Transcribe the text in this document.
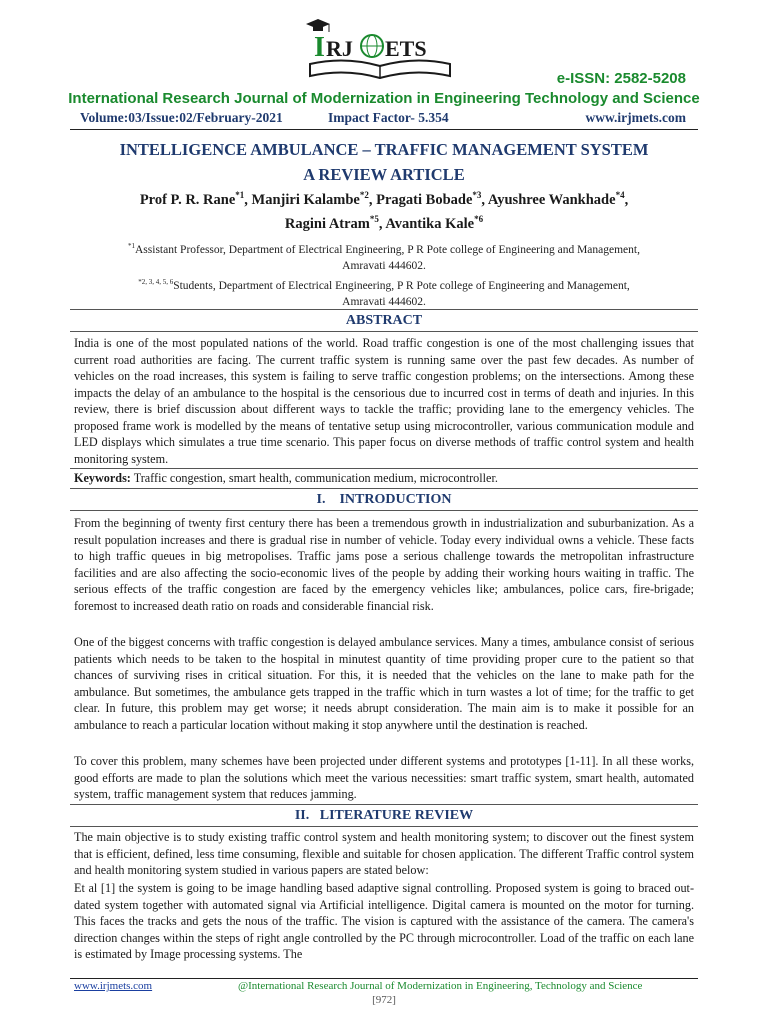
I RJ ETS
e-ISSN: 2582-5208
International Research Journal of Modernization in Engineering Technology and Science
Volume:03/Issue:02/February-2021	Impact Factor- 5.354	www.irjmets.com
INTELLIGENCE AMBULANCE – TRAFFIC MANAGEMENT SYSTEM
A REVIEW ARTICLE
Prof P. R. Rane$^{*1}$, Manjiri Kalambe$^{*2}$, Pragati Bobade$^{*3}$, Ayushree Wankhade$^{*4}$,
Ragini Atram$^{*5}$, Avantika Kale$^{*6}$
$^{*1}$Assistant Professor, Department of Electrical Engineering, P R Pote college of Engineering and Management,
Amravati 444602.
$^{*2, 3, 4, 5, 6}$Students, Department of Electrical Engineering, P R Pote college of Engineering and Management,
Amravati 444602.
ABSTRACT
India is one of the most populated nations of the world. Road traffic congestion is one of the most challenging issues that current road authorities are facing. The current traffic system is running same over the past few decades. As number of vehicles on the road increases, this system is failing to serve traffic congestion problems; on the intersections. Among these impacts the delay of an ambulance to the hospital is the censorious due to incurred cost in terms of death and injuries. In this review, there is brief discussion about different ways to tackle the traffic; providing lane to the emergency vehicles. The proposed frame work is modelled by the means of tentative setup using microcontroller, various communication module and LED displays which simulates a true time scenario. This paper focus on diverse methods of traffic control system and health monitoring system.
Keywords: Traffic congestion, smart health, communication medium, microcontroller.
I.    INTRODUCTION
From the beginning of twenty first century there has been a tremendous growth in industrialization and suburbanization. As a result population increases and there is gradual rise in number of vehicle. Today every individual owns a vehicle. These facts to high traffic queues in big metropolises. Traffic jams pose a serious challenge towards the metropolitan infrastructure facilities and are also affecting the socio-economic lives of the people by adding their working hours waiting in traffic. The serious effects of the traffic congestion are faced by the emergency vehicles like; ambulances, police cars, fire-brigade; foremost to increased death ratio on roads and considerable financial risk.
One of the biggest concerns with traffic congestion is delayed ambulance services. Many a times, ambulance consist of serious patients which needs to be taken to the hospital in minutest quantity of time providing proper cure to the patient so that chances of surviving rises in critical situation. For this, it is needed that the vehicles on the lane to make path for the ambulance. But sometimes, the ambulance gets trapped in the traffic which in turn wastes a lot of time; for the traffic to get clear. In future, this problem may get worse; it needs abrupt consideration. The main aim is to make it possible for an ambulance to reach a particular location without making it stop anywhere until the destination is reached.
To cover this problem, many schemes have been projected under different systems and prototypes [1-11]. In all these works, good efforts are made to plan the solutions which meet the various necessities: smart traffic system, smart health, automated system, traffic management system that reduces jamming.
II.   LITERATURE REVIEW
The main objective is to study existing traffic control system and health monitoring system; to discover out the finest system that is efficient, defined, less time consuming, flexible and suitable for chosen application. The different Traffic control system and health monitoring system studied in various papers are stated below:
Et al [1] the system is going to be image handling based adaptive signal controlling. Proposed system is going to braced out-dated system together with automated signal via Artificial intelligence. Digital camera is mounted on the motor for turning. This faces the tracks and gets the nous of the traffic. The vision is captured with the assistance of the camera. The camera's direction changes within the steps of right angle controlled by the PC through microcontroller. Load of the traffic on each lane is estimated by Image processing systems. The
www.irjmets.com	@International Research Journal of Modernization in Engineering, Technology and Science
[972]
